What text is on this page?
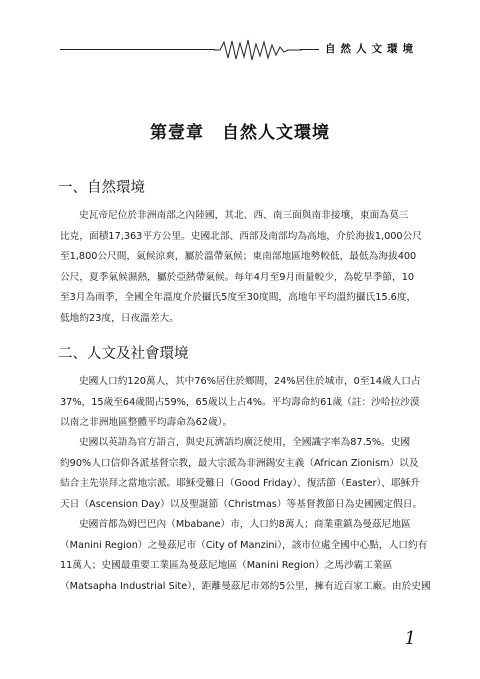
自然人文環境
第壹章 自然人文環境
一、自然環境
史瓦帝尼位於非洲南部之內陸國，其北、西、南三面與南非接壤，東面為莫三
比克，面積17,363平方公里。史國北部、西部及南部均為高地，介於海拔1,000公尺
至1,800公尺間，氣候涼爽，屬於溫帶氣候；東南部地區地勢較低，最低為海拔400
公尺，夏季氣候濕熱，屬於亞熱帶氣候。每年4月至9月雨量較少，為乾旱季節，10
至3月為雨季，全國全年溫度介於攝氏5度至30度間，高地年平均溫約攝氏15.6度，
低地約23度，日夜溫差大。
二、人文及社會環境
史國人口約120萬人，其中76%居住於鄉間，24%居住於城市，0至14歲人口占
37%，15歲至64歲間占59%，65歲以上占4%。平均壽命約61歲（註：沙哈拉沙漠
以南之非洲地區整體平均壽命為62歲）。
史國以英語為官方語言，與史瓦濟語均廣泛使用，全國識字率為87.5%。史國
約90%人口信仰各派基督宗教，最大宗派為非洲錫安主義（African Zionism）以及
結合主先崇拜之當地宗派。耶穌受難日（Good Friday）、復活節（Easter）、耶穌升
天日（Ascension Day）以及聖誕節（Christmas）等基督教節日為史國國定假日。
史國首都為姆巴巴內（Mbabane）市，人口約8萬人；商業重鎮為曼茲尼地區
（Manini Region）之曼茲尼市（City of Manzini），該市位處全國中心點，人口約有
11萬人；史國最重要工業區為曼茲尼地區（Manini Region）之馬沙霸工業區
（Matsapha Industrial Site），距離曼茲尼市郊約5公里，擁有近百家工廠。由於史國
1
